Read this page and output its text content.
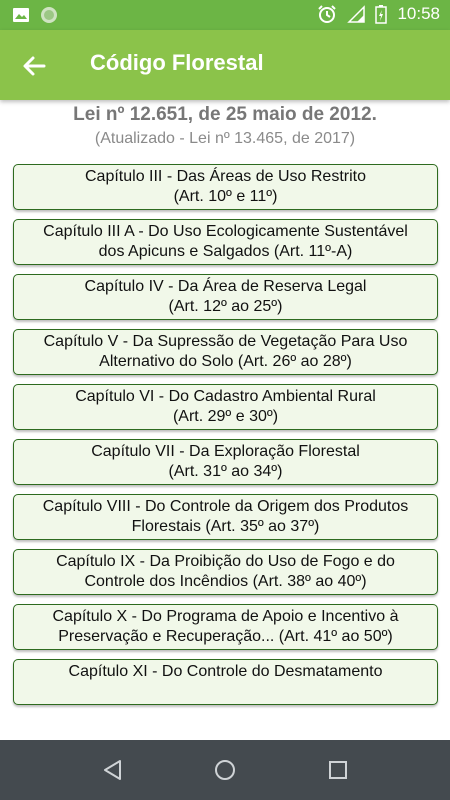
10:58
Código Florestal
Lei nº 12.651, de 25 maio de 2012.
(Atualizado - Lei nº 13.465, de 2017)
Capítulo III - Das Áreas de Uso Restrito
(Art. 10º e 11º)
Capítulo III A - Do Uso Ecologicamente Sustentável
dos Apicuns e Salgados (Art. 11º-A)
Capítulo IV - Da Área de Reserva Legal
(Art. 12º ao 25º)
Capítulo V - Da Supressão de Vegetação Para Uso
Alternativo do Solo (Art. 26º ao 28º)
Capítulo VI - Do Cadastro Ambiental Rural
(Art. 29º e 30º)
Capítulo VII - Da Exploração Florestal
(Art. 31º ao 34º)
Capítulo VIII - Do Controle da Origem dos Produtos
Florestais (Art. 35º ao 37º)
Capítulo IX - Da Proibição do Uso de Fogo e do
Controle dos Incêndios (Art. 38º ao 40º)
Capítulo X - Do Programa de Apoio e Incentivo à
Preservação e Recuperação... (Art. 41º ao 50º)
Capítulo XI - Do Controle do Desmatamento
